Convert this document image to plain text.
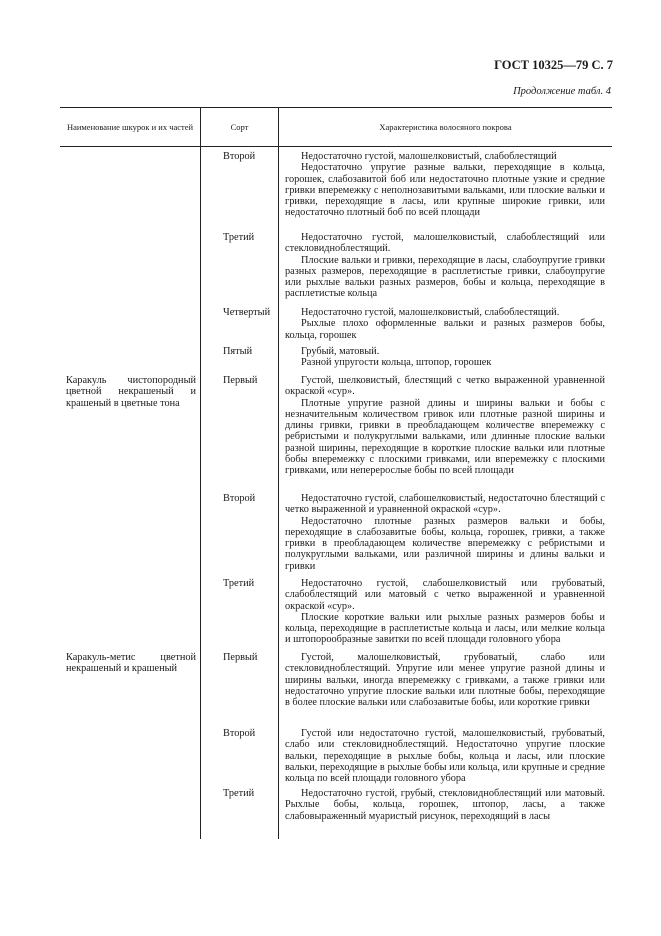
ГОСТ 10325—79 С. 7
Продолжение табл. 4
Наименование шкурок и их частей	Сорт	Характеристика волосяного покрова
Каракуль чистопородный цветной некрашеный и крашеный в цветные тона
Каракуль-метис цветной некрашеный и крашеный
Второй
Третий
Четвертый
Пятый
Первый
Второй
Третий
Первый
Второй
Третий

Недостаточно густой, малошелковистый, слабоблестящий

Недостаточно упругие разные вальки, переходящие в кольца, горошек, слабозавитой боб или недостаточно плотные узкие и средние гривки вперемежку с неполнозавитыми вальками, или плоские вальки и гривки, переходящие в ласы, или крупные широкие гривки, или недостаточно плотный боб по всей площади

Недостаточно густой, малошелковистый, слабоблестящий или стекловиднoблестящий.

Плоские вальки и гривки, переходящие в ласы, слабоупругие гривки разных размеров, переходящие в расплетистые гривки, слабоупругие или рыхлые вальки разных размеров, бобы и кольца, переходящие в расплетистые кольца

Недостаточно густой, малошелковистый, слабоблестящий.

Рыхлые плохо оформленные вальки и разных размеров бобы, кольца, горошек

Грубый, матовый.

Разной упругости кольца, штопор, горошек

Густой, шелковистый, блестящий с четко выраженной уравненной окраской «сур».

Плотные упругие разной длины и ширины вальки и бобы с незначительным количеством гривок или плотные разной ширины и длины гривки, гривки в преобладающем количестве вперемежку с ребристыми и полукруглыми вальками, или длинные плоские вальки разной ширины, переходящие в короткие плоские вальки или плотные бобы вперемежку с плоскими гривками, или вперемежку с плоскими гривками, или неперерослые бобы по всей площади

Недостаточно густой, слабошелковистый, недостаточно блестящий с четко выраженной и уравненной окраской «сур».

Недостаточно плотные разных размеров вальки и бобы, переходящие в слабозавитые бобы, кольца, горошек, гривки, а также гривки в преобладающем количестве вперемежку с ребристыми и полукруглыми вальками, или различной ширины и длины вальки и гривки

Недостаточно густой, слабошелковистый или грубоватый, слабоблестящий или матовый с четко выраженной и уравненной окраской «сур».

Плоские короткие вальки или рыхлые разных размеров бобы и кольца, переходящие в расплетистые кольца и ласы, или мелкие кольца и штопорообразные завитки по всей площади головного убора

Густой, малошелковистый, грубоватый, слабо или стекловиднoблестящий. Упругие или менее упругие разной длины и ширины вальки, иногда вперемежку с гривками, а также гривки или недостаточно упругие плоские вальки или плотные бобы, переходящие в более плоские вальки или слабозавитые бобы, или короткие гривки

Густой или недостаточно густой, малошелковистый, грубоватый, слабо или стекловиднoблестящий. Недостаточно упругие плоские вальки, переходящие в рыхлые бобы, кольца и ласы, или плоские вальки, переходящие в рыхлые бобы или кольца, или крупные и средние кольца по всей площади головного убора

Недостаточно густой, грубый, стекловиднoблестящий или матовый. Рыхлые бобы, кольца, горошек, штопор, ласы, а также слабовыраженный муаристый рисунок, переходящий в ласы
